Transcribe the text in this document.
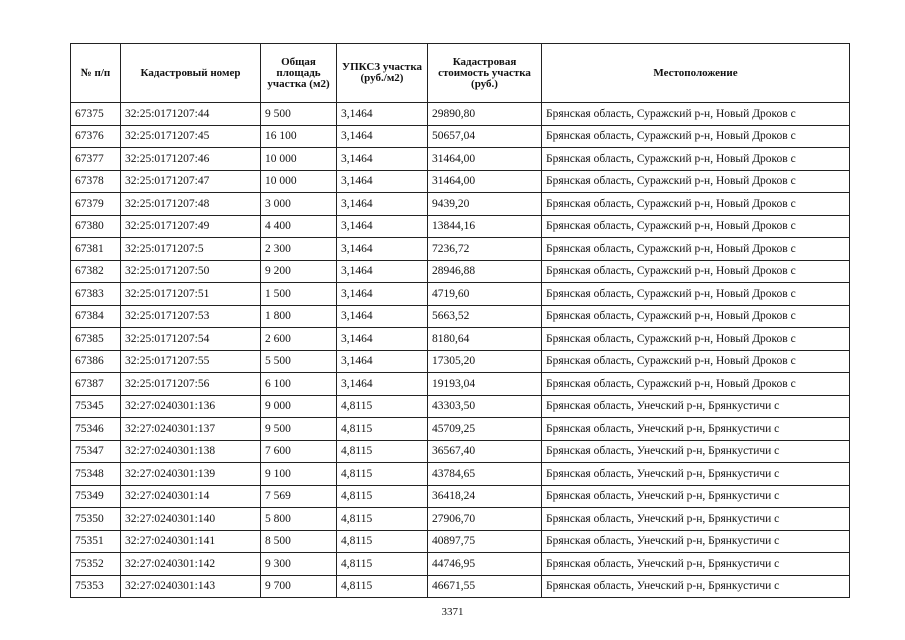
№ п/п	Кадастровый номер	Общая площадь участка (м2)	УПКСЗ участка (руб./м2)	Кадастровая стоимость участка (руб.)	Местоположение
67375	32:25:0171207:44	9 500	3,1464	29890,80	Брянская область, Суражский р-н, Новый Дроков с
67376	32:25:0171207:45	16 100	3,1464	50657,04	Брянская область, Суражский р-н, Новый Дроков с
67377	32:25:0171207:46	10 000	3,1464	31464,00	Брянская область, Суражский р-н, Новый Дроков с
67378	32:25:0171207:47	10 000	3,1464	31464,00	Брянская область, Суражский р-н, Новый Дроков с
67379	32:25:0171207:48	3 000	3,1464	9439,20	Брянская область, Суражский р-н, Новый Дроков с
67380	32:25:0171207:49	4 400	3,1464	13844,16	Брянская область, Суражский р-н, Новый Дроков с
67381	32:25:0171207:5	2 300	3,1464	7236,72	Брянская область, Суражский р-н, Новый Дроков с
67382	32:25:0171207:50	9 200	3,1464	28946,88	Брянская область, Суражский р-н, Новый Дроков с
67383	32:25:0171207:51	1 500	3,1464	4719,60	Брянская область, Суражский р-н, Новый Дроков с
67384	32:25:0171207:53	1 800	3,1464	5663,52	Брянская область, Суражский р-н, Новый Дроков с
67385	32:25:0171207:54	2 600	3,1464	8180,64	Брянская область, Суражский р-н, Новый Дроков с
67386	32:25:0171207:55	5 500	3,1464	17305,20	Брянская область, Суражский р-н, Новый Дроков с
67387	32:25:0171207:56	6 100	3,1464	19193,04	Брянская область, Суражский р-н, Новый Дроков с
75345	32:27:0240301:136	9 000	4,8115	43303,50	Брянская область, Унечский р-н, Брянкустичи с
75346	32:27:0240301:137	9 500	4,8115	45709,25	Брянская область, Унечский р-н, Брянкустичи с
75347	32:27:0240301:138	7 600	4,8115	36567,40	Брянская область, Унечский р-н, Брянкустичи с
75348	32:27:0240301:139	9 100	4,8115	43784,65	Брянская область, Унечский р-н, Брянкустичи с
75349	32:27:0240301:14	7 569	4,8115	36418,24	Брянская область, Унечский р-н, Брянкустичи с
75350	32:27:0240301:140	5 800	4,8115	27906,70	Брянская область, Унечский р-н, Брянкустичи с
75351	32:27:0240301:141	8 500	4,8115	40897,75	Брянская область, Унечский р-н, Брянкустичи с
75352	32:27:0240301:142	9 300	4,8115	44746,95	Брянская область, Унечский р-н, Брянкустичи с
75353	32:27:0240301:143	9 700	4,8115	46671,55	Брянская область, Унечский р-н, Брянкустичи с
3371
